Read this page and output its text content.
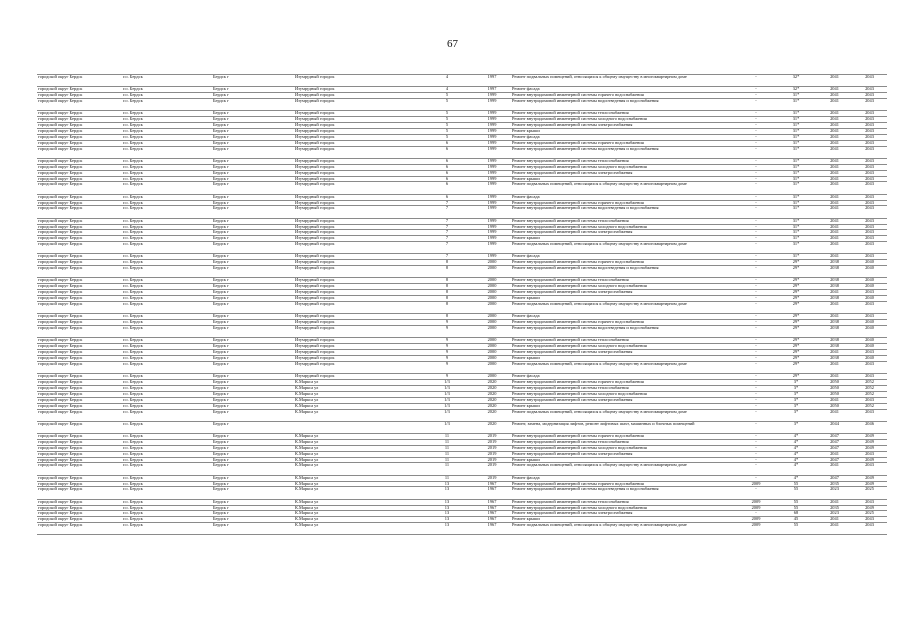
67
городской округ Бердск	г.о. Бердск	Бердск г	Изумрудный городок	4	1997	Ремонт подвальных помещений, относящихся к общему имуществу в многоквартирном доме	-	32*	2041	2043
городской округ Бердск	г.о. Бердск	Бердск г	Изумрудный городок	4	1997	Ремонт фасада	-	32*	2041	2043
городской округ Бердск	г.о. Бердск	Бердск г	Изумрудный городок	5	1999	Ремонт внутридомовой инженерной системы горячего водоснабжения	-	31*	2041	2043
городской округ Бердск	г.о. Бердск	Бердск г	Изумрудный городок	5	1999	Ремонт внутридомовой инженерной системы водоотведения и водоснабжения	-	31*	2041	2043
городской округ Бердск	г.о. Бердск	Бердск г	Изумрудный городок	5	1999	Ремонт внутридомовой инженерной системы теплоснабжения	-	31*	2041	2043
городской округ Бердск	г.о. Бердск	Бердск г	Изумрудный городок	5	1999	Ремонт внутридомовой инженерной системы холодного водоснабжения	-	31*	2041	2043
городской округ Бердск	г.о. Бердск	Бердск г	Изумрудный городок	5	1999	Ремонт внутридомовой инженерной системы электроснабжения	-	31*	2041	2043
городской округ Бердск	г.о. Бердск	Бердск г	Изумрудный городок	5	1999	Ремонт крыши	-	31*	2041	2043
городской округ Бердск	г.о. Бердск	Бердск г	Изумрудный городок	5	1999	Ремонт фасада	-	31*	2041	2043
городской округ Бердск	г.о. Бердск	Бердск г	Изумрудный городок	6	1999	Ремонт внутридомовой инженерной системы горячего водоснабжения	-	31*	2041	2043
городской округ Бердск	г.о. Бердск	Бердск г	Изумрудный городок	6	1999	Ремонт внутридомовой инженерной системы водоотведения и водоснабжения	-	31*	2041	2043
городской округ Бердск	г.о. Бердск	Бердск г	Изумрудный городок	6	1999	Ремонт внутридомовой инженерной системы теплоснабжения	-	31*	2041	2043
городской округ Бердск	г.о. Бердск	Бердск г	Изумрудный городок	6	1999	Ремонт внутридомовой инженерной системы холодного водоснабжения	-	31*	2041	2043
городской округ Бердск	г.о. Бердск	Бердск г	Изумрудный городок	6	1999	Ремонт внутридомовой инженерной системы электроснабжения	-	31*	2041	2043
городской округ Бердск	г.о. Бердск	Бердск г	Изумрудный городок	6	1999	Ремонт крыши	-	31*	2041	2043
городской округ Бердск	г.о. Бердск	Бердск г	Изумрудный городок	6	1999	Ремонт подвальных помещений, относящихся к общему имуществу в многоквартирном доме	-	31*	2041	2043
городской округ Бердск	г.о. Бердск	Бердск г	Изумрудный городок	6	1999	Ремонт фасада	-	31*	2041	2043
городской округ Бердск	г.о. Бердск	Бердск г	Изумрудный городок	7	1999	Ремонт внутридомовой инженерной системы горячего водоснабжения	-	31*	2041	2043
городской округ Бердск	г.о. Бердск	Бердск г	Изумрудный городок	7	1999	Ремонт внутридомовой инженерной системы водоотведения и водоснабжения	-	31*	2041	2043
городской округ Бердск	г.о. Бердск	Бердск г	Изумрудный городок	7	1999	Ремонт внутридомовой инженерной системы теплоснабжения	-	31*	2041	2043
городской округ Бердск	г.о. Бердск	Бердск г	Изумрудный городок	7	1999	Ремонт внутридомовой инженерной системы холодного водоснабжения	-	31*	2041	2043
городской округ Бердск	г.о. Бердск	Бердск г	Изумрудный городок	7	1999	Ремонт внутридомовой инженерной системы электроснабжения	-	31*	2041	2043
городской округ Бердск	г.о. Бердск	Бердск г	Изумрудный городок	7	1999	Ремонт крыши	-	31*	2041	2043
городской округ Бердск	г.о. Бердск	Бердск г	Изумрудный городок	7	1999	Ремонт подвальных помещений, относящихся к общему имуществу в многоквартирном доме	-	31*	2041	2043
городской округ Бердск	г.о. Бердск	Бердск г	Изумрудный городок	7	1999	Ремонт фасада	-	31*	2041	2043
городской округ Бердск	г.о. Бердск	Бердск г	Изумрудный городок	8	2000	Ремонт внутридомовой инженерной системы горячего водоснабжения	-	29*	2038	2040
городской округ Бердск	г.о. Бердск	Бердск г	Изумрудный городок	8	2000	Ремонт внутридомовой инженерной системы водоотведения и водоснабжения	-	29*	2038	2040
городской округ Бердск	г.о. Бердск	Бердск г	Изумрудный городок	8	2000	Ремонт внутридомовой инженерной системы теплоснабжения	-	29*	2038	2040
городской округ Бердск	г.о. Бердск	Бердск г	Изумрудный городок	8	2000	Ремонт внутридомовой инженерной системы холодного водоснабжения	-	29*	2038	2040
городской округ Бердск	г.о. Бердск	Бердск г	Изумрудный городок	8	2000	Ремонт внутридомовой инженерной системы электроснабжения	-	29*	2041	2043
городской округ Бердск	г.о. Бердск	Бердск г	Изумрудный городок	8	2000	Ремонт крыши	-	29*	2038	2040
городской округ Бердск	г.о. Бердск	Бердск г	Изумрудный городок	8	2000	Ремонт подвальных помещений, относящихся к общему имуществу в многоквартирном доме	-	29*	2041	2043
городской округ Бердск	г.о. Бердск	Бердск г	Изумрудный городок	8	2000	Ремонт фасада	-	29*	2041	2043
городской округ Бердск	г.о. Бердск	Бердск г	Изумрудный городок	9	2000	Ремонт внутридомовой инженерной системы горячего водоснабжения	-	29*	2038	2040
городской округ Бердск	г.о. Бердск	Бердск г	Изумрудный городок	9	2000	Ремонт внутридомовой инженерной системы водоотведения и водоснабжения	-	29*	2038	2040
городской округ Бердск	г.о. Бердск	Бердск г	Изумрудный городок	9	2000	Ремонт внутридомовой инженерной системы теплоснабжения	-	29*	2038	2040
городской округ Бердск	г.о. Бердск	Бердск г	Изумрудный городок	9	2000	Ремонт внутридомовой инженерной системы холодного водоснабжения	-	29*	2038	2040
городской округ Бердск	г.о. Бердск	Бердск г	Изумрудный городок	9	2000	Ремонт внутридомовой инженерной системы электроснабжения	-	29*	2041	2043
городской округ Бердск	г.о. Бердск	Бердск г	Изумрудный городок	9	2000	Ремонт крыши	-	29*	2038	2040
городской округ Бердск	г.о. Бердск	Бердск г	Изумрудный городок	9	2000	Ремонт подвальных помещений, относящихся к общему имуществу в многоквартирном доме	-	29*	2041	2043
городской округ Бердск	г.о. Бердск	Бердск г	Изумрудный городок	9	2000	Ремонт фасада	-	29*	2041	2043
городской округ Бердск	г.о. Бердск	Бердск г	К.Маркса ул	1/3	2020	Ремонт внутридомовой инженерной системы горячего водоснабжения	-	3*	2050	2052
городской округ Бердск	г.о. Бердск	Бердск г	К.Маркса ул	1/3	2020	Ремонт внутридомовой инженерной системы теплоснабжения	-	3*	2050	2052
городской округ Бердск	г.о. Бердск	Бердск г	К.Маркса ул	1/3	2020	Ремонт внутридомовой инженерной системы холодного водоснабжения	-	3*	2050	2052
городской округ Бердск	г.о. Бердск	Бердск г	К.Маркса ул	1/3	2020	Ремонт внутридомовой инженерной системы электроснабжения	-	3*	2041	2043
городской округ Бердск	г.о. Бердск	Бердск г	К.Маркса ул	1/3	2020	Ремонт крыши	-	3*	2050	2052
городской округ Бердск	г.о. Бердск	Бердск г	К.Маркса ул	1/3	2020	Ремонт подвальных помещений, относящихся к общему имуществу в многоквартирном доме	-	3*	2041	2043
городской округ Бердск	г.о. Бердск	Бердск г		1/3	2020	Ремонт, замена, модернизация лифтов, ремонт лифтовых шахт, машинных и блочных помещений	-	3*	2044	2046
городской округ Бердск	г.о. Бердск	Бердск г	К.Маркса ул	11	2019	Ремонт внутридомовой инженерной системы горячего водоснабжения	-	4*	2047	2049
городской округ Бердск	г.о. Бердск	Бердск г	К.Маркса ул	11	2019	Ремонт внутридомовой инженерной системы теплоснабжения	-	4*	2047	2049
городской округ Бердск	г.о. Бердск	Бердск г	К.Маркса ул	11	2019	Ремонт внутридомовой инженерной системы холодного водоснабжения	-	4*	2047	2049
городской округ Бердск	г.о. Бердск	Бердск г	К.Маркса ул	11	2019	Ремонт внутридомовой инженерной системы электроснабжения	-	4*	2041	2043
городской округ Бердск	г.о. Бердск	Бердск г	К.Маркса ул	11	2019	Ремонт крыши	-	4*	2047	2049
городской округ Бердск	г.о. Бердск	Бердск г	К.Маркса ул	11	2019	Ремонт подвальных помещений, относящихся к общему имуществу в многоквартирном доме	-	4*	2041	2043
городской округ Бердск	г.о. Бердск	Бердск г	К.Маркса ул	11	2019	Ремонт фасада	-	4*	2047	2049
городской округ Бердск	г.о. Бердск	Бердск г	К.Маркса ул	13	1967	Ремонт внутридомовой инженерной системы горячего водоснабжения	2009	55	2035	2049
городской округ Бердск	г.о. Бердск	Бердск г	К.Маркса ул	13	1967	Ремонт внутридомовой инженерной системы водоотведения и водоснабжения	-	55	2023	2025
городской округ Бердск	г.о. Бердск	Бердск г	К.Маркса ул	13	1967	Ремонт внутридомовой инженерной системы теплоснабжения	2009	55	2041	2043
городской округ Бердск	г.о. Бердск	Бердск г	К.Маркса ул	13	1967	Ремонт внутридомовой инженерной системы холодного водоснабжения	2009	55	2035	2049
городской округ Бердск	г.о. Бердск	Бердск г	К.Маркса ул	13	1967	Ремонт внутридомовой инженерной системы электроснабжения	-	68	2023	2025
городской округ Бердск	г.о. Бердск	Бердск г	К.Маркса ул	13	1967	Ремонт крыши	2009	45	2041	2043
городской округ Бердск	г.о. Бердск	Бердск г	К.Маркса ул	13	1967	Ремонт подвальных помещений, относящихся к общему имуществу в многоквартирном доме	2009	55	2041	2043
